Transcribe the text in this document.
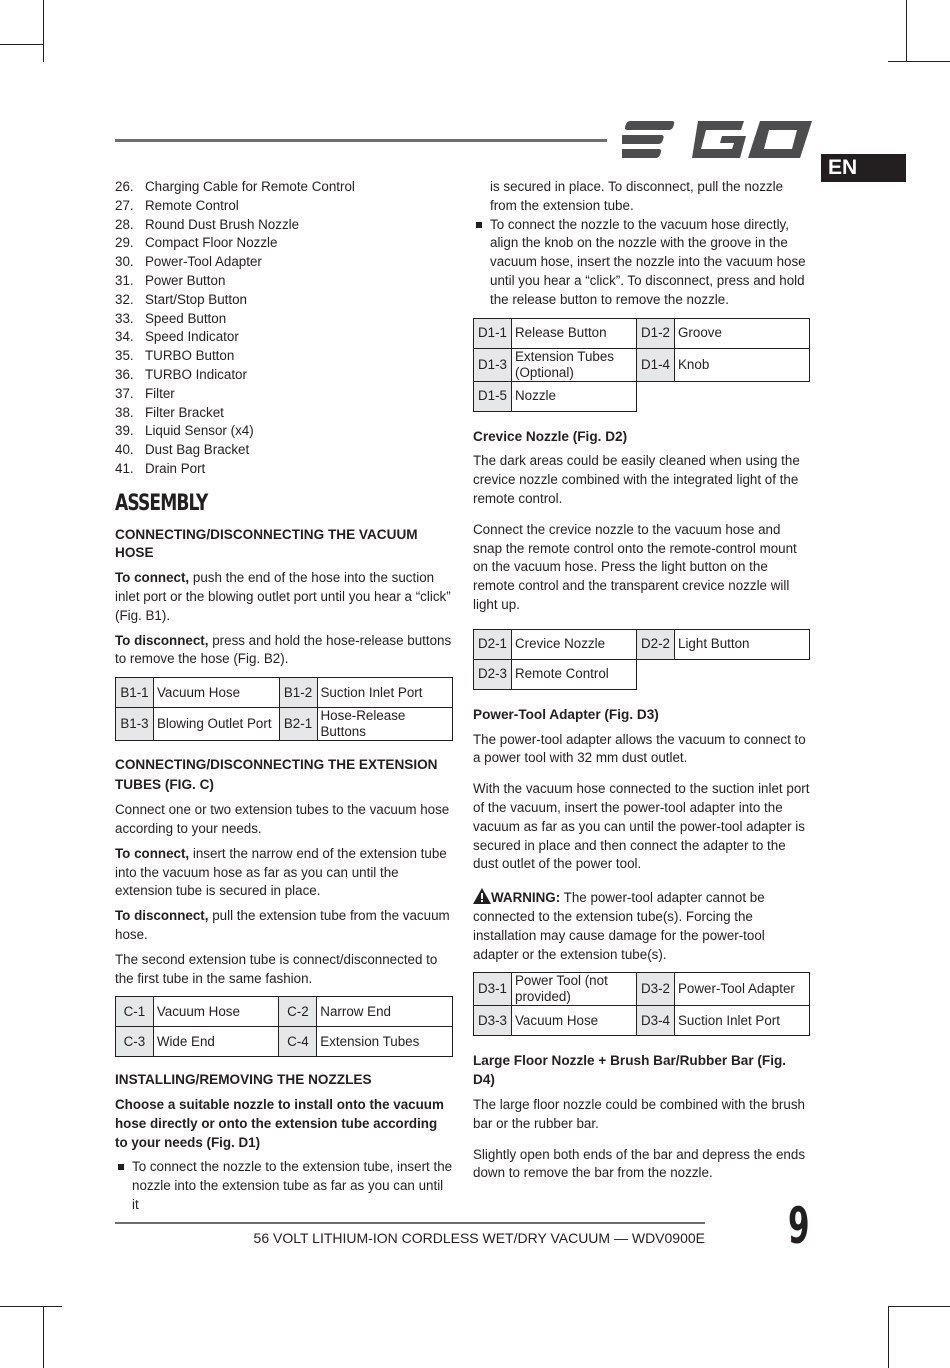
EN
26. Charging Cable for Remote Control
27. Remote Control
28. Round Dust Brush Nozzle
29. Compact Floor Nozzle
30. Power-Tool Adapter
31. Power Button
32. Start/Stop Button
33. Speed Button
34. Speed Indicator
35. TURBO Button
36. TURBO Indicator
37. Filter
38. Filter Bracket
39. Liquid Sensor (x4)
40. Dust Bag Bracket
41. Drain Port
ASSEMBLY
CONNECTING/DISCONNECTING THE VACUUM HOSE

To connect, push the end of the hose into the suction inlet port or the blowing outlet port until you hear a “click” (Fig. B1).

To disconnect, press and hold the hose-release buttons to remove the hose (Fig. B2).

B1-1	Vacuum Hose	B1-2	Suction Inlet Port
B1-3	Blowing Outlet Port	B2-1	Hose-Release Buttons
CONNECTING/DISCONNECTING THE EXTENSION TUBES (FIG. C)

Connect one or two extension tubes to the vacuum hose according to your needs.

To connect, insert the narrow end of the extension tube into the vacuum hose as far as you can until the extension tube is secured in place.

To disconnect, pull the extension tube from the vacuum hose.

The second extension tube is connect/disconnected to the first tube in the same fashion.

C-1	Vacuum Hose	C-2	Narrow End
C-3	Wide End	C-4	Extension Tubes
INSTALLING/REMOVING THE NOZZLES

Choose a suitable nozzle to install onto the vacuum hose directly or onto the extension tube according to your needs (Fig. D1)

To connect the nozzle to the extension tube, insert the nozzle into the extension tube as far as you can until it
is secured in place. To disconnect, pull the nozzle from the extension tube.
To connect the nozzle to the vacuum hose directly, align the knob on the nozzle with the groove in the vacuum hose, insert the nozzle into the vacuum hose until you hear a “click”. To disconnect, press and hold the release button to remove the nozzle.
D1-1	Release Button	D1-2	Groove
D1-3	Extension Tubes (Optional)	D1-4	Knob
D1-5	Nozzle		
Crevice Nozzle (Fig. D2)

The dark areas could be easily cleaned when using the crevice nozzle combined with the integrated light of the remote control.

Connect the crevice nozzle to the vacuum hose and snap the remote control onto the remote-control mount on the vacuum hose. Press the light button on the remote control and the transparent crevice nozzle will light up.

D2-1	Crevice Nozzle	D2-2	Light Button
D2-3	Remote Control		
Power-Tool Adapter (Fig. D3)

The power-tool adapter allows the vacuum to connect to a power tool with 32 mm dust outlet.

With the vacuum hose connected to the suction inlet port of the vacuum, insert the power-tool adapter into the vacuum as far as you can until the power-tool adapter is secured in place and then connect the adapter to the dust outlet of the power tool.

WARNING: The power-tool adapter cannot be connected to the extension tube(s). Forcing the installation may cause damage for the power-tool adapter or the extension tube(s).

D3-1	Power Tool (not provided)	D3-2	Power-Tool Adapter
D3-3	Vacuum Hose	D3-4	Suction Inlet Port
Large Floor Nozzle + Brush Bar/Rubber Bar (Fig. D4)

The large floor nozzle could be combined with the brush bar or the rubber bar.

Slightly open both ends of the bar and depress the ends down to remove the bar from the nozzle.

56 VOLT LITHIUM-ION CORDLESS WET/DRY VACUUM — WDV0900E 9
